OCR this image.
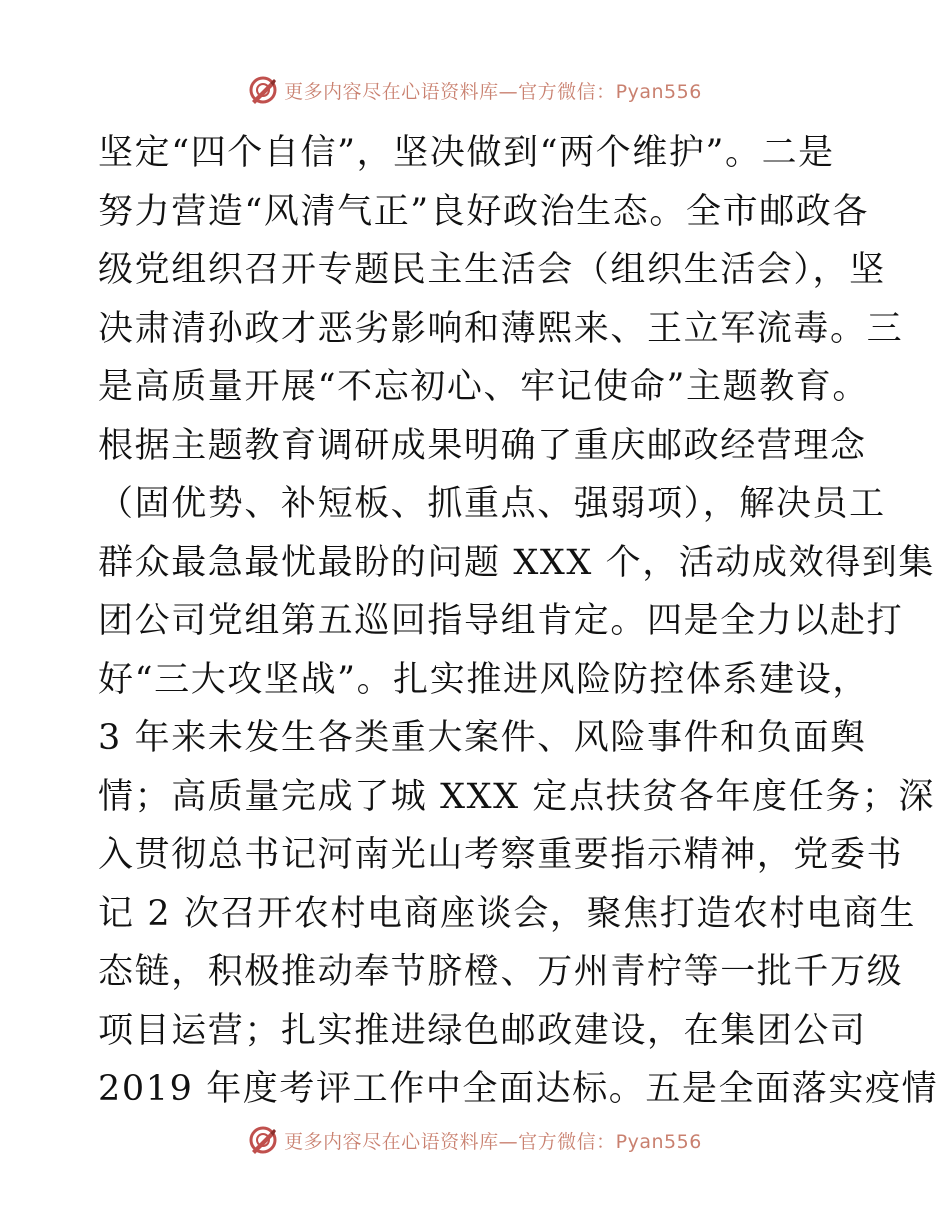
更多内容尽在心语资料库—官方微信：Pyan556
坚定“四个自信”，坚决做到“两个维护”。二是
努力营造“风清气正”良好政治生态。全市邮政各
级党组织召开专题民主生活会（组织生活会），坚
决肃清孙政才恶劣影响和薄熙来、王立军流毒。三
是高质量开展“不忘初心、牢记使命”主题教育。
根据主题教育调研成果明确了重庆邮政经营理念
（固优势、补短板、抓重点、强弱项），解决员工
群众最急最忧最盼的问题 XXX 个，活动成效得到集
团公司党组第五巡回指导组肯定。四是全力以赴打
好“三大攻坚战”。扎实推进风险防控体系建设，
3 年来未发生各类重大案件、风险事件和负面舆
情；高质量完成了城 XXX 定点扶贫各年度任务；深
入贯彻总书记河南光山考察重要指示精神，党委书
记 2 次召开农村电商座谈会，聚焦打造农村电商生
态链，积极推动奉节脐橙、万州青柠等一批千万级
项目运营；扎实推进绿色邮政建设，在集团公司
2019 年度考评工作中全面达标。五是全面落实疫情
更多内容尽在心语资料库—官方微信：Pyan556
